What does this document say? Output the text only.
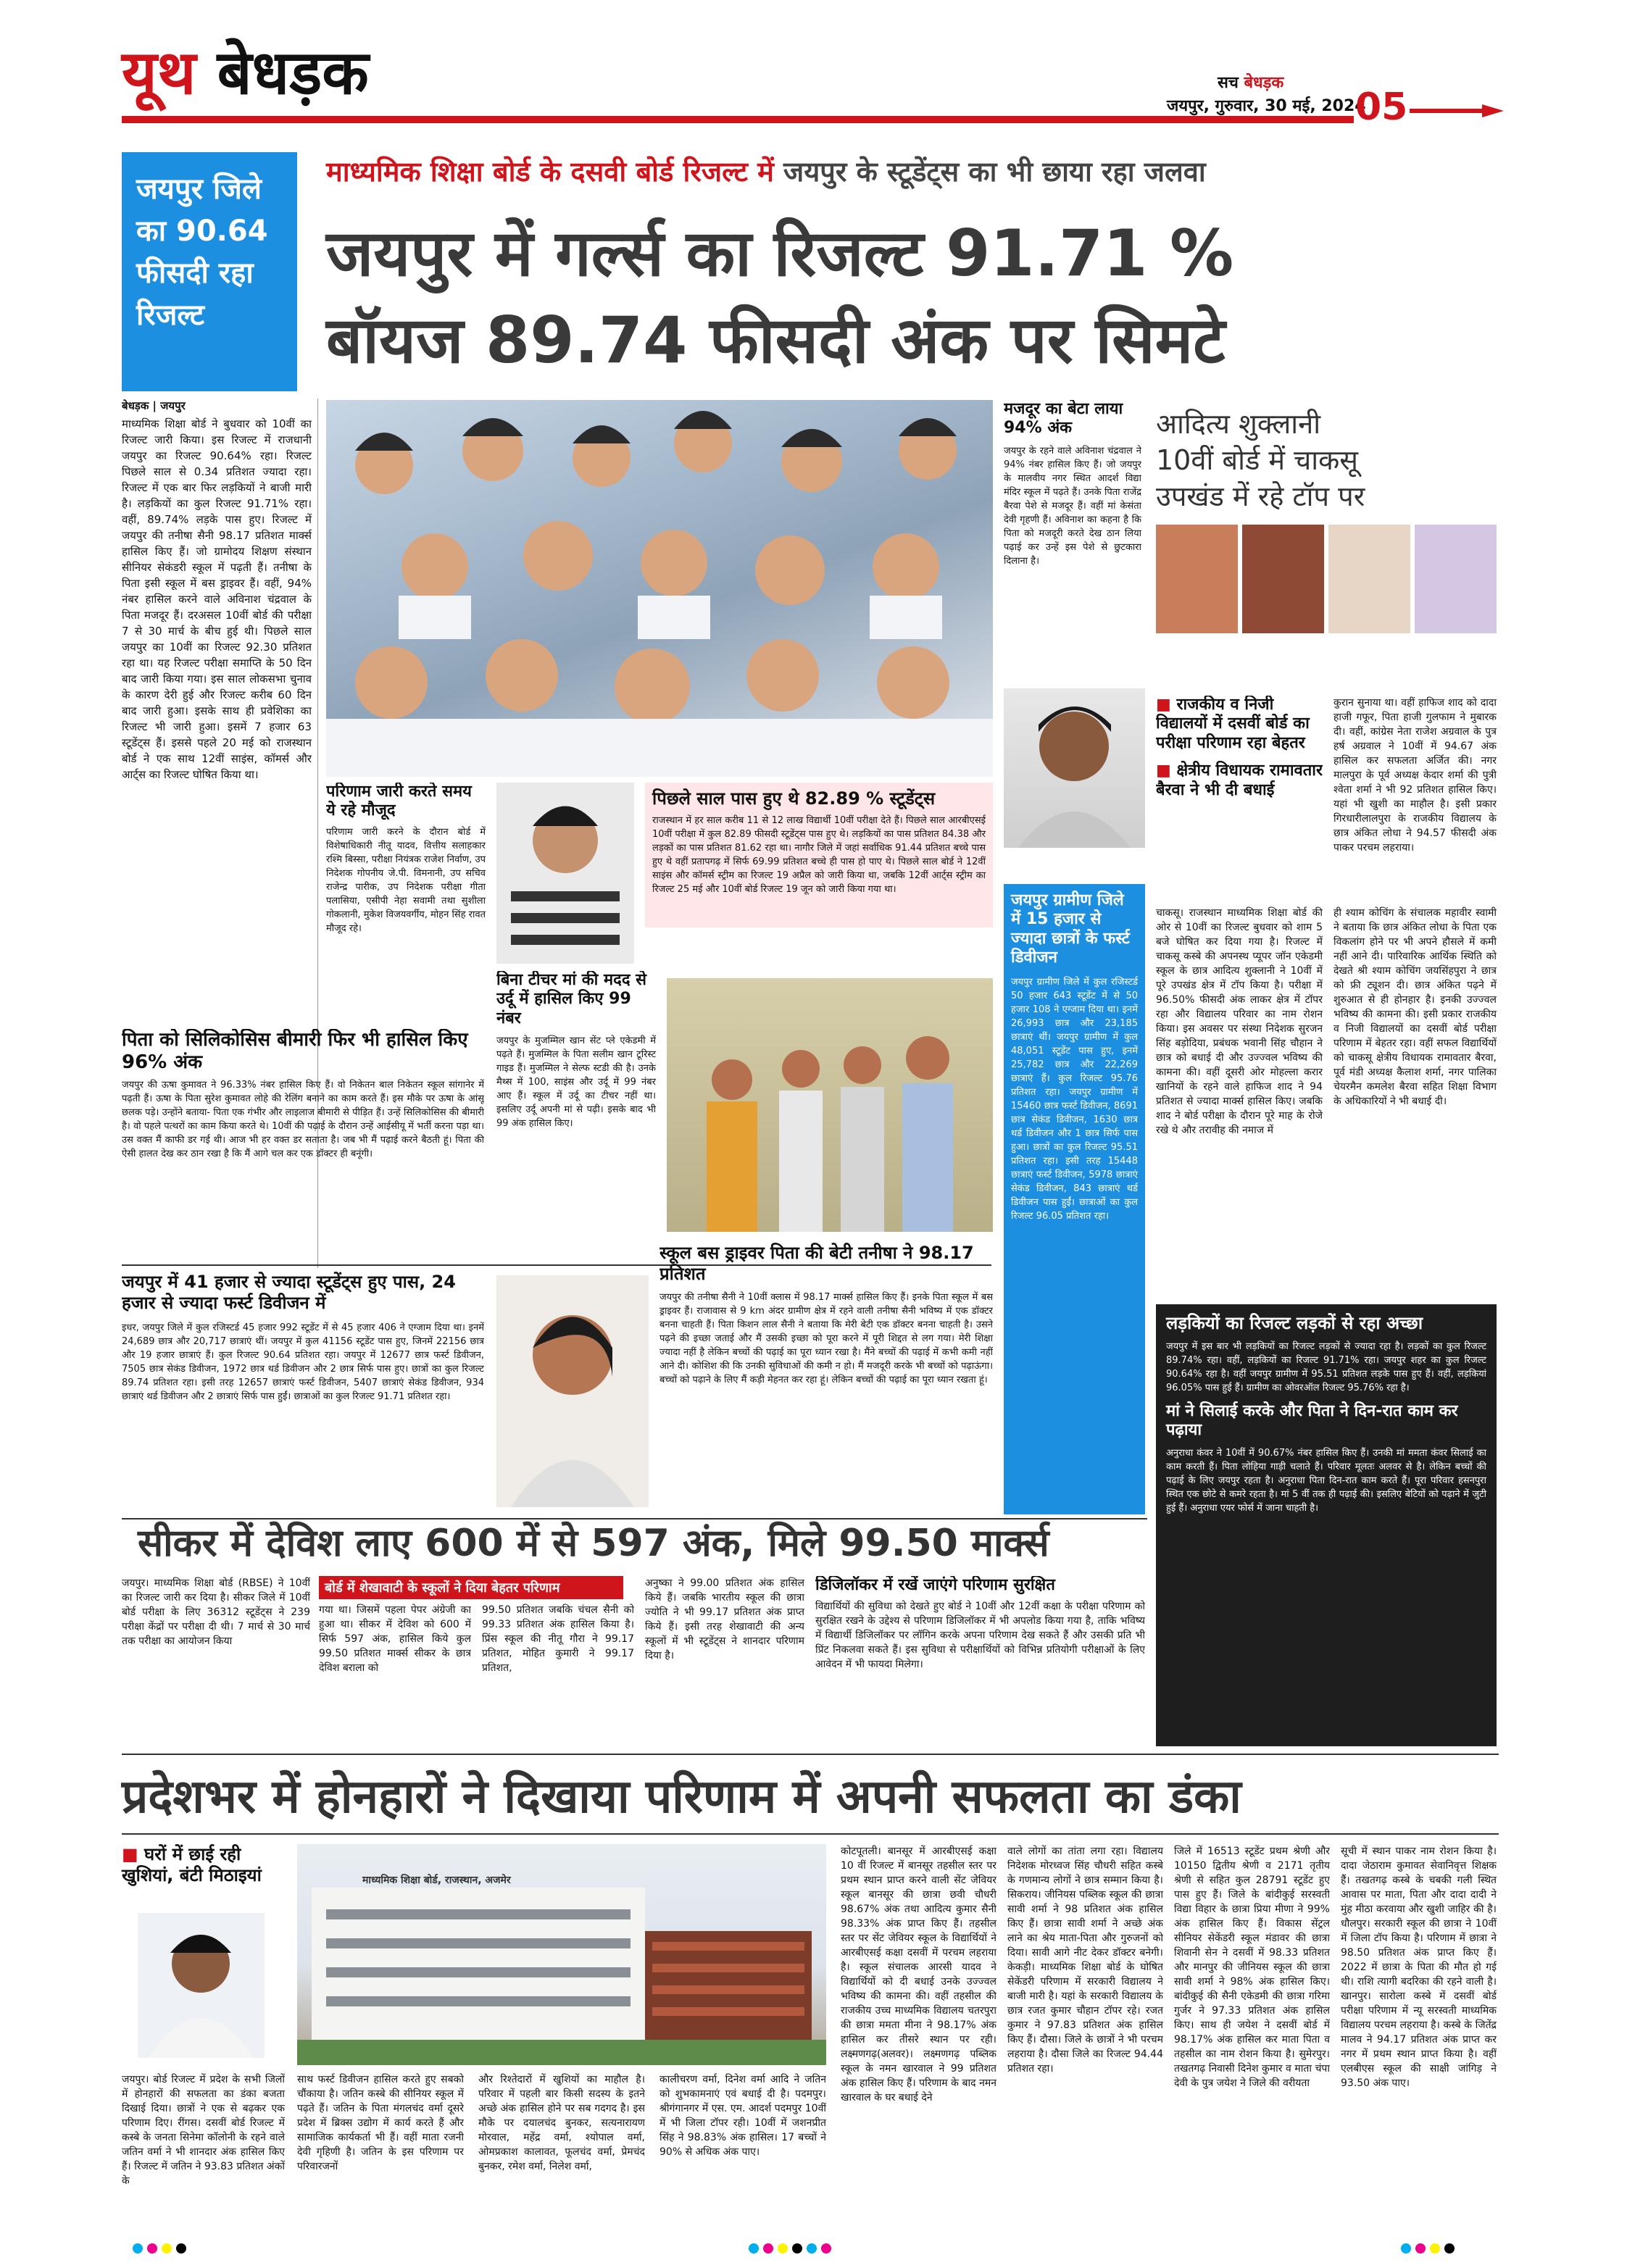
यूथ बेधड़क	सच बेधड़क
जयपुर, गुरुवार, 30 मई, 2024
05
जयपुर जिले का 90.64 फीसदी रहा रिजल्ट
माध्यमिक शिक्षा बोर्ड के दसवी बोर्ड रिजल्ट में जयपुर के स्टूडेंट्स का भी छाया रहा जलवा
जयपुर में गर्ल्स का रिजल्ट 91.71 %
बॉयज 89.74 फीसदी अंक पर सिमटे
बेधड़क | जयपुर
माध्यमिक शिक्षा बोर्ड ने बुधवार को 10वीं का रिजल्ट जारी किया। इस रिजल्ट में राजधानी जयपुर का रिजल्ट 90.64% रहा। रिजल्ट पिछले साल से 0.34 प्रतिशत ज्यादा रहा। रिजल्ट में एक बार फिर लड़कियों ने बाजी मारी है। लड़कियों का कुल रिजल्ट 91.71% रहा। वहीं, 89.74% लड़के पास हुए। रिजल्ट में जयपुर की तनीषा सैनी 98.17 प्रतिशत मार्क्स हासिल किए हैं। जो ग्रामोदय शिक्षण संस्थान सीनियर सेकंडरी स्कूल में पढ़ती हैं। तनीषा के पिता इसी स्कूल में बस ड्राइवर हैं। वहीं, 94% नंबर हासिल करने वाले अविनाश चंद्रवाल के पिता मजदूर हैं। दरअसल 10वीं बोर्ड की परीक्षा 7 से 30 मार्च के बीच हुई थी। पिछले साल जयपुर का 10वीं का रिजल्ट 92.30 प्रतिशत रहा था। यह रिजल्ट परीक्षा समाप्ति के 50 दिन बाद जारी किया गया। इस साल लोकसभा चुनाव के कारण देरी हुई और रिजल्ट करीब 60 दिन बाद जारी हुआ। इसके साथ ही प्रवेशिका का रिजल्ट भी जारी हुआ। इसमें 7 हजार 63 स्टूडेंट्स हैं। इससे पहले 20 मई को राजस्थान बोर्ड ने एक साथ 12वीं साइंस, कॉमर्स और आर्ट्स का रिजल्ट घोषित किया था।
मजदूर का बेटा लाया 94% अंक
जयपुर के रहने वाले अविनाश चंद्रवाल ने 94% नंबर हासिल किए हैं। जो जयपुर के मालवीय नगर स्थित आदर्श विद्या मंदिर स्कूल में पढ़ते हैं। उनके पिता राजेंद्र बैरवा पेशे से मजदूर हैं। वहीं मां केसंता देवी गृहणी हैं। अविनाश का कहना है कि पिता को मजदूरी करते देख ठान लिया पढ़ाई कर उन्हें इस पेशे से छुटकारा दिलाना है।
आदित्य शुक्लानी
10वीं बोर्ड में चाकसू
उपखंड में रहे टॉप पर
■ राजकीय व निजी विद्यालयों में दसवीं बोर्ड का परीक्षा परिणाम रहा बेहतर
■ क्षेत्रीय विधायक रामावतार बैरवा ने भी दी बधाई
कुरान सुनाया था। वहीं हाफिज शाद को दादा हाजी गफूर, पिता हाजी गुलफाम ने मुबारक दी। वहीं, कांग्रेस नेता राजेश अग्रवाल के पुत्र हर्ष अग्रवाल ने 10वीं में 94.67 अंक हासिल कर सफलता अर्जित की। नगर मालपुरा के पूर्व अध्यक्ष केदार शर्मा की पुत्री श्वेता शर्मा ने भी 92 प्रतिशत हासिल किए। यहां भी खुशी का माहौल है। इसी प्रकार गिरधारीलालपुरा के राजकीय विद्यालय के छात्र अंकित लोधा ने 94.57 फीसदी अंक पाकर परचम लहराया।
चाकसू। राजस्थान माध्यमिक शिक्षा बोर्ड की ओर से 10वीं का रिजल्ट बुधवार को शाम 5 बजे घोषित कर दिया गया है। रिजल्ट में चाकसू कस्बे की अपनस्थ प्यूपर जॉन एकेडमी स्कूल के छात्र आदित्य शुक्लानी ने 10वीं में पूरे उपखंड क्षेत्र में टॉप किया है। परीक्षा में 96.50% फीसदी अंक लाकर क्षेत्र में टॉपर रहा और विद्यालय परिवार का नाम रोशन किया। इस अवसर पर संस्था निदेशक सुरजन सिंह बड़ोदिया, प्रबंधक भवानी सिंह चौहान ने छात्र को बधाई दी और उज्ज्वल भविष्य की कामना की। वहीं दूसरी ओर मोहल्ला करार खानियों के रहने वाले हाफिज शाद ने 94 प्रतिशत से ज्यादा मार्क्स हासिल किए। जबकि शाद ने बोर्ड परीक्षा के दौरान पूरे माह के रोजे रखे थे और तरावीह की नमाज में
ही श्याम कोचिंग के संचालक महावीर स्वामी ने बताया कि छात्र अंकित लोधा के पिता एक विकलांग होने पर भी अपने हौसले में कमी नहीं आने दी। पारिवारिक आर्थिक स्थिति को देखते श्री श्याम कोचिंग जयसिंहपुरा ने छात्र को फ्री ट्यूशन दी। छात्र अंकित पढ़ने में शुरुआत से ही होनहार है। इनकी उज्ज्वल भविष्य की कामना की। इसी प्रकार राजकीय व निजी विद्यालयों का दसवीं बोर्ड परीक्षा परिणाम में बेहतर रहा। वहीं सफल विद्यार्थियों को चाकसू क्षेत्रीय विधायक रामावतार बैरवा, पूर्व मंडी अध्यक्ष कैलाश शर्मा, नगर पालिका चेयरमैन कमलेश बैरवा सहित शिक्षा विभाग के अधिकारियों ने भी बधाई दी।
परिणाम जारी करते समय ये रहे मौजूद
परिणाम जारी करने के दौरान बोर्ड में विशेषाधिकारी नीतू यादव, वित्तीय सलाहकार रश्मि बिस्सा, परीक्षा नियंत्रक राजेश निर्वाण, उप निदेशक गोपनीय जे.पी. विमनानी, उप सचिव राजेन्द्र पारीक, उप निदेशक परीक्षा गीता पलासिया, एसीपी नेहा सवामी तथा सुशीला गोकलानी, मुकेश विजयवर्गीय, मोहन सिंह रावत मौजूद रहे।
पिछले साल पास हुए थे 82.89 % स्टूडेंट्स
राजस्थान में हर साल करीब 11 से 12 लाख विद्यार्थी 10वीं परीक्षा देते हैं। पिछले साल आरबीएसई 10वीं परीक्षा में कुल 82.89 फीसदी स्टूडेंट्स पास हुए थे। लड़कियों का पास प्रतिशत 84.38 और लड़कों का पास प्रतिशत 81.62 रहा था। नागौर जिले में जहां सर्वाधिक 91.44 प्रतिशत बच्चे पास हुए थे वहीं प्रतापगढ़ में सिर्फ 69.99 प्रतिशत बच्चे ही पास हो पाए थे। पिछले साल बोर्ड ने 12वीं साइंस और कॉमर्स स्ट्रीम का रिजल्ट 19 अप्रैल को जारी किया था, जबकि 12वीं आर्ट्स स्ट्रीम का रिजल्ट 25 मई और 10वीं बोर्ड रिजल्ट 19 जून को जारी किया गया था।
बिना टीचर मां की मदद से उर्दू में हासिल किए 99 नंबर
जयपुर के मुजम्मिल खान सेंट प्ले एकेडमी में पढ़ते हैं। मुजम्मिल के पिता सलीम खान टूरिस्ट गाइड हैं। मुजम्मिल ने सेल्फ स्टडी की है। उनके मैथ्स में 100, साइंस और उर्दू में 99 नंबर आए हैं। स्कूल में उर्दू का टीचर नहीं था। इसलिए उर्दू अपनी मां से पढ़ी। इसके बाद भी 99 अंक हासिल किए।
पिता को सिलिकोसिस बीमारी फिर भी हासिल किए 96% अंक
जयपुर की ऊषा कुमावत ने 96.33% नंबर हासिल किए हैं। वो निकेतन बाल निकेतन स्कूल सांगानेर में पढ़ती हैं। ऊषा के पिता सुरेश कुमावत लोहे की रेलिंग बनाने का काम करते हैं। इस मौके पर ऊषा के आंसू छलक पड़े। उन्होंने बताया- पिता एक गंभीर और लाइलाज बीमारी से पीड़ित हैं। उन्हें सिलिकोसिस की बीमारी है। वो पहले पत्थरों का काम किया करते थे। 10वीं की पढ़ाई के दौरान उन्हें आईसीयू में भर्ती करना पड़ा था। उस वक्त मैं काफी डर गई थी। आज भी हर वक्त डर सताता है। जब भी मैं पढ़ाई करने बैठती हूं। पिता की ऐसी हालत देख कर ठान रखा है कि मैं आगे चल कर एक डॉक्टर ही बनूंगी।
जयपुर में 41 हजार से ज्यादा स्टूडेंट्स हुए पास, 24 हजार से ज्यादा फर्स्ट डिवीजन में
इधर, जयपुर जिले में कुल रजिस्टर्ड 45 हजार 992 स्टूडेंट में से 45 हजार 406 ने एग्जाम दिया था। इनमें 24,689 छात्र और 20,717 छात्राएं थीं। जयपुर में कुल 41156 स्टूडेंट पास हुए, जिनमें 22156 छात्र और 19 हजार छात्राएं हैं। कुल रिजल्ट 90.64 प्रतिशत रहा। जयपुर में 12677 छात्र फर्स्ट डिवीजन, 7505 छात्र सेकंड डिवीजन, 1972 छात्र थर्ड डिवीजन और 2 छात्र सिर्फ पास हुए। छात्रों का कुल रिजल्ट 89.74 प्रतिशत रहा। इसी तरह 12657 छात्राएं फर्स्ट डिवीजन, 5407 छात्राएं सेकंड डिवीजन, 934 छात्राएं थर्ड डिवीजन और 2 छात्राएं सिर्फ पास हुईं। छात्राओं का कुल रिजल्ट 91.71 प्रतिशत रहा।
स्कूल बस ड्राइवर पिता की बेटी तनीषा ने 98.17 प्रतिशत
जयपुर की तनीषा सैनी ने 10वीं क्लास में 98.17 मार्क्स हासिल किए हैं। इनके पिता स्कूल में बस ड्राइवर हैं। राजावास से 9 km अंदर ग्रामीण क्षेत्र में रहने वाली तनीषा सैनी भविष्य में एक डॉक्टर बनना चाहती हैं। पिता किशन लाल सैनी ने बताया कि मेरी बेटी एक डॉक्टर बनना चाहती है। उसने पढ़ने की इच्छा जताई और मैं उसकी इच्छा को पूरा करने में पूरी शिद्दत से लग गया। मेरी शिक्षा ज्यादा नहीं है लेकिन बच्चों की पढ़ाई का पूरा ध्यान रखा है। मैंने बच्चों की पढ़ाई में कभी कमी नहीं आने दी। कोशिश की कि उनकी सुविधाओं की कमी न हो। मैं मजदूरी करके भी बच्चों को पढ़ाऊंगा। बच्चों को पढ़ाने के लिए मैं कड़ी मेहनत कर रहा हूं। लेकिन बच्चों की पढ़ाई का पूरा ध्यान रखता हूं।
जयपुर ग्रामीण जिले में 15 हजार से ज्यादा छात्रों के फर्स्ट डिवीजन
जयपुर ग्रामीण जिले में कुल रजिस्टर्ड 50 हजार 643 स्टूडेंट में से 50 हजार 108 ने एग्जाम दिया था। इनमें 26,993 छात्र और 23,185 छात्राएं थीं। जयपुर ग्रामीण में कुल 48,051 स्टूडेंट पास हुए, इनमें 25,782 छात्र और 22,269 छात्राएं हैं। कुल रिजल्ट 95.76 प्रतिशत रहा। जयपुर ग्रामीण में 15460 छात्र फर्स्ट डिवीजन, 8691 छात्र सेकंड डिवीजन, 1630 छात्र थर्ड डिवीजन और 1 छात्र सिर्फ पास हुआ। छात्रों का कुल रिजल्ट 95.51 प्रतिशत रहा। इसी तरह 15448 छात्राएं फर्स्ट डिवीजन, 5978 छात्राएं सेकंड डिवीजन, 843 छात्राएं थर्ड डिवीजन पास हुईं। छात्राओं का कुल रिजल्ट 96.05 प्रतिशत रहा।
लड़कियों का रिजल्ट लड़कों से रहा अच्छा
जयपुर में इस बार भी लड़कियों का रिजल्ट लड़कों से ज्यादा रहा है। लड़कों का कुल रिजल्ट 89.74% रहा। वहीं, लड़कियों का रिजल्ट 91.71% रहा। जयपुर शहर का कुल रिजल्ट 90.64% रहा है। वहीं जयपुर ग्रामीण में 95.51 प्रतिशत लड़के पास हुए हैं। वहीं, लड़कियां 96.05% पास हुई हैं। ग्रामीण का ओवरऑल रिजल्ट 95.76% रहा है।
मां ने सिलाई करके और पिता ने दिन-रात काम कर पढ़ाया
अनुराधा कंवर ने 10वीं में 90.67% नंबर हासिल किए हैं। उनकी मां ममता कंवर सिलाई का काम करती हैं। पिता लोहिया गाड़ी चलाते हैं। परिवार मूलतः अलवर से है। लेकिन बच्चों की पढ़ाई के लिए जयपुर रहता है। अनुराधा पिता दिन-रात काम करते हैं। पूरा परिवार हसनपुरा स्थित एक छोटे से कमरे रहता है। मां 5 वीं तक ही पढ़ाई की। इसलिए बेटियों को पढ़ाने में जुटी हुई हैं। अनुराधा एयर फोर्स में जाना चाहती है।
सीकर में देविश लाए 600 में से 597 अंक, मिले 99.50 मार्क्स
जयपुर। माध्यमिक शिक्षा बोर्ड (RBSE) ने 10वीं का रिजल्ट जारी कर दिया है। सीकर जिले में 10वीं बोर्ड परीक्षा के लिए 36312 स्टूडेंट्स ने 239 परीक्षा केंद्रों पर परीक्षा दी थी। 7 मार्च से 30 मार्च तक परीक्षा का आयोजन किया
बोर्ड में शेखावाटी के स्कूलों ने दिया बेहतर परिणाम
गया था। जिसमें पहला पेपर अंग्रेजी का हुआ था। सीकर में देविश को 600 में सिर्फ 597 अंक, हासिल किये कुल 99.50 प्रतिशत मार्क्स सीकर के छात्र देविश बराला को
99.50 प्रतिशत जबकि चंचल सैनी को 99.33 प्रतिशत अंक हासिल किया है। प्रिंस स्कूल की नीतू गौरा ने 99.17 प्रतिशत, मोहित कुमारी ने 99.17 प्रतिशत,
अनुष्का ने 99.00 प्रतिशत अंक हासिल किये हैं। जबकि भारतीय स्कूल की छात्रा ज्योति ने भी 99.17 प्रतिशत अंक प्राप्त किये हैं। इसी तरह शेखावाटी की अन्य स्कूलों में भी स्टूडेंट्स ने शानदार परिणाम दिया है।
डिजिलॉकर में रखें जाएंगे परिणाम सुरक्षित
विद्यार्थियों की सुविधा को देखते हुए बोर्ड ने 10वीं और 12वीं कक्षा के परीक्षा परिणाम को सुरक्षित रखने के उद्देश्य से परिणाम डिजिलॉकर में भी अपलोड किया गया है, ताकि भविष्य में विद्यार्थी डिजिलॉकर पर लॉगिन करके अपना परिणाम देख सकते हैं और उसकी प्रति भी प्रिंट निकलवा सकते हैं। इस सुविधा से परीक्षार्थियों को विभिन्न प्रतियोगी परीक्षाओं के लिए आवेदन में भी फायदा मिलेगा।
प्रदेशभर में होनहारों ने दिखाया परिणाम में अपनी सफलता का डंका
■ घरों में छाई रही खुशियां, बंटी मिठाइयां
जयपुर। बोर्ड रिजल्ट में प्रदेश के सभी जिलों में होनहारों की सफलता का डंका बजता दिखाई दिया। छात्रों ने एक से बढ़कर एक परिणाम दिए। रींगस। दसवीं बोर्ड रिजल्ट में कस्बे के जनता सिनेमा कॉलोनी के रहने वाले जतिन वर्मा ने भी शानदार अंक हासिल किए हैं। रिजल्ट में जतिन ने 93.83 प्रतिशत अंकों के
माध्यमिक शिक्षा बोर्ड, राजस्थान, अजमेर
साथ फर्स्ट डिवीजन हासिल करते हुए सबको चौंकाया है। जतिन कस्बे की सीनियर स्कूल में पढ़ते हैं। जतिन के पिता मंगलचंद वर्मा दूसरे प्रदेश में ब्रिक्स उद्योग में कार्य करते हैं और सामाजिक कार्यकर्ता भी हैं। वहीं माता रजनी देवी गृहिणी है। जतिन के इस परिणाम पर परिवारजनों
और रिश्तेदारों में खुशियों का माहौल है। परिवार में पहली बार किसी सदस्य के इतने अच्छे अंक हासिल होने पर सब गदगद है। इस मौके पर दयालचंद बुनकर, सत्यनारायण मोरवाल, महेंद्र वर्मा, श्योपाल वर्मा, ओमप्रकाश कालावत, फूलचंद वर्मा, प्रेमचंद बुनकर, रमेश वर्मा, निलेश वर्मा,
कालीचरण वर्मा, दिनेश वर्मा आदि ने जतिन को शुभकामनाएं एवं बधाई दी है। पदमपुर। श्रीगंगानगर में एस. एम. आदर्श पदमपुर 10वीं में भी जिला टॉपर रही। 10वीं में जशनप्रीत सिंह ने 98.83% अंक हासिल। 17 बच्चों ने 90% से अधिक अंक पाए।
कोटपूतली। बानसूर में आरबीएसई कक्षा 10 वीं रिजल्ट में बानसूर तहसील स्तर पर प्रथम स्थान प्राप्त करने वाली सेंट जेवियर स्कूल बानसूर की छात्रा छवी चौधरी 98.67% अंक तथा आदित्य कुमार सैनी 98.33% अंक प्राप्त किए हैं। तहसील स्तर पर सेंट जेवियर स्कूल के विद्यार्थियों ने आरबीएसई कक्षा दसवीं में परचम लहराया है। स्कूल संचालक आरसी यादव ने विद्यार्थियों को दी बधाई उनके उज्ज्वल भविष्य की कामना की। वहीं तहसील की राजकीय उच्च माध्यमिक विद्यालय चतरपुरा की छात्रा ममता मीना ने 98.17% अंक हासिल कर तीसरे स्थान पर रही। लक्ष्मणगढ़(अलवर)। लक्ष्मणगढ़ पब्लिक स्कूल के नमन खारवाल ने 99 प्रतिशत अंक हासिल किए हैं। परिणाम के बाद नमन खारवाल के घर बधाई देने
वाले लोगों का तांता लगा रहा। विद्यालय निदेशक मोरध्वज सिंह चौधरी सहित कस्बे के गणमान्य लोगों ने छात्र सम्मान किया है। सिकराय। जीनियस पब्लिक स्कूल की छात्रा सावी शर्मा ने 98 प्रतिशत अंक हासिल किए हैं। छात्रा सावी शर्मा ने अच्छे अंक लाने का श्रेय माता-पिता और गुरुजनों को दिया। सावी आगे नीट देकर डॉक्टर बनेगी। केकड़ी। माध्यमिक शिक्षा बोर्ड के घोषित सेकेंडरी परिणाम में सरकारी विद्यालय ने बाजी मारी है। यहां के सरकारी विद्यालय के छात्र रजत कुमार चौहान टॉपर रहे। रजत कुमार ने 97.83 प्रतिशत अंक हासिल किए हैं। दौसा। जिले के छात्रों ने भी परचम लहराया है। दौसा जिले का रिजल्ट 94.44 प्रतिशत रहा।
जिले में 16513 स्टूडेंट प्रथम श्रेणी और 10150 द्वितीय श्रेणी व 2171 तृतीय श्रेणी से सहित कुल 28791 स्टूडेंट हुए पास हुए हैं। जिले के बांदीकुई सरस्वती विद्या विहार के छात्रा प्रिया मीणा ने 99% अंक हासिल किए हैं। विकास सेंट्रल सीनियर सेकेंडरी स्कूल मंडावर की छात्रा शिवानी सेन ने दसवीं में 98.33 प्रतिशत और मानपुर की जीनियस स्कूल की छात्रा सावी शर्मा ने 98% अंक हासिल किए। बांदीकुई की सैनी एकेडमी की छात्रा गरिमा गुर्जर ने 97.33 प्रतिशत अंक हासिल किए। साथ ही जयेश ने दसवीं बोर्ड में 98.17% अंक हासिल कर माता पिता व तहसील का नाम रोशन किया है। सुमेरपुर। तखतगढ़ निवासी दिनेश कुमार व माता चंपा देवी के पुत्र जयेश ने जिले की वरीयता
सूची में स्थान पाकर नाम रोशन किया है। दादा जेठाराम कुमावत सेवानिवृत्त शिक्षक हैं। तखतगढ़ कस्बे के चबकी गली स्थित आवास पर माता, पिता और दादा दादी ने मुंह मीठा करवाया और खुशी जाहिर की है। धौलपुर। सरकारी स्कूल की छात्रा ने 10वीं में जिला टॉप किया है। परिणाम में छात्रा ने 98.50 प्रतिशत अंक प्राप्त किए हैं। 2022 में छात्रा के पिता की मौत हो गई थी। राशि त्यागी बदरिका की रहने वाली है। खानपुर। सारोला कस्बे में दसवीं बोर्ड परीक्षा परिणाम में न्यू सरस्वती माध्यमिक विद्यालय परचम लहराया है। कस्बे के जितेंद्र मालव ने 94.17 प्रतिशत अंक प्राप्त कर नगर में प्रथम स्थान प्राप्त किया है। वहीं एलबीएस स्कूल की साक्षी जांगिड़ ने 93.50 अंक पाए।
